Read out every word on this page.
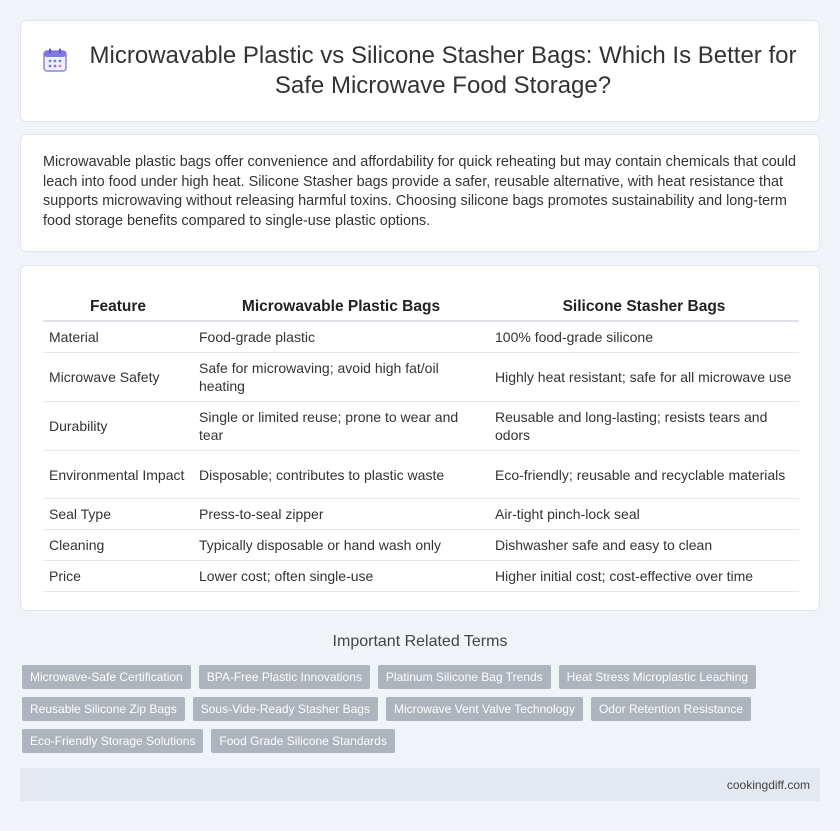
Microwavable Plastic vs Silicone Stasher Bags: Which Is Better for Safe Microwave Food Storage?

Microwavable plastic bags offer convenience and affordability for quick reheating but may contain chemicals that could leach into food under high heat. Silicone Stasher bags provide a safer, reusable alternative, with heat resistance that supports microwaving without releasing harmful toxins. Choosing silicone bags promotes sustainability and long-term food storage benefits compared to single-use plastic options.

Feature	Microwavable Plastic Bags	Silicone Stasher Bags
Material	Food-grade plastic	100% food-grade silicone
Microwave Safety	Safe for microwaving; avoid high fat/oil heating	Highly heat resistant; safe for all microwave use
Durability	Single or limited reuse; prone to wear and tear	Reusable and long-lasting; resists tears and odors
Environmental Impact	Disposable; contributes to plastic waste	Eco-friendly; reusable and recyclable materials
Seal Type	Press-to-seal zipper	Air-tight pinch-lock seal
Cleaning	Typically disposable or hand wash only	Dishwasher safe and easy to clean
Price	Lower cost; often single-use	Higher initial cost; cost-effective over time
Important Related Terms
Microwave-Safe Certification	BPA-Free Plastic Innovations	Platinum Silicone Bag Trends	Heat Stress Microplastic Leaching
Reusable Silicone Zip Bags	Sous-Vide-Ready Stasher Bags	Microwave Vent Valve Technology	Odor Retention Resistance
Eco-Friendly Storage Solutions	Food Grade Silicone Standards
cookingdiff.com
